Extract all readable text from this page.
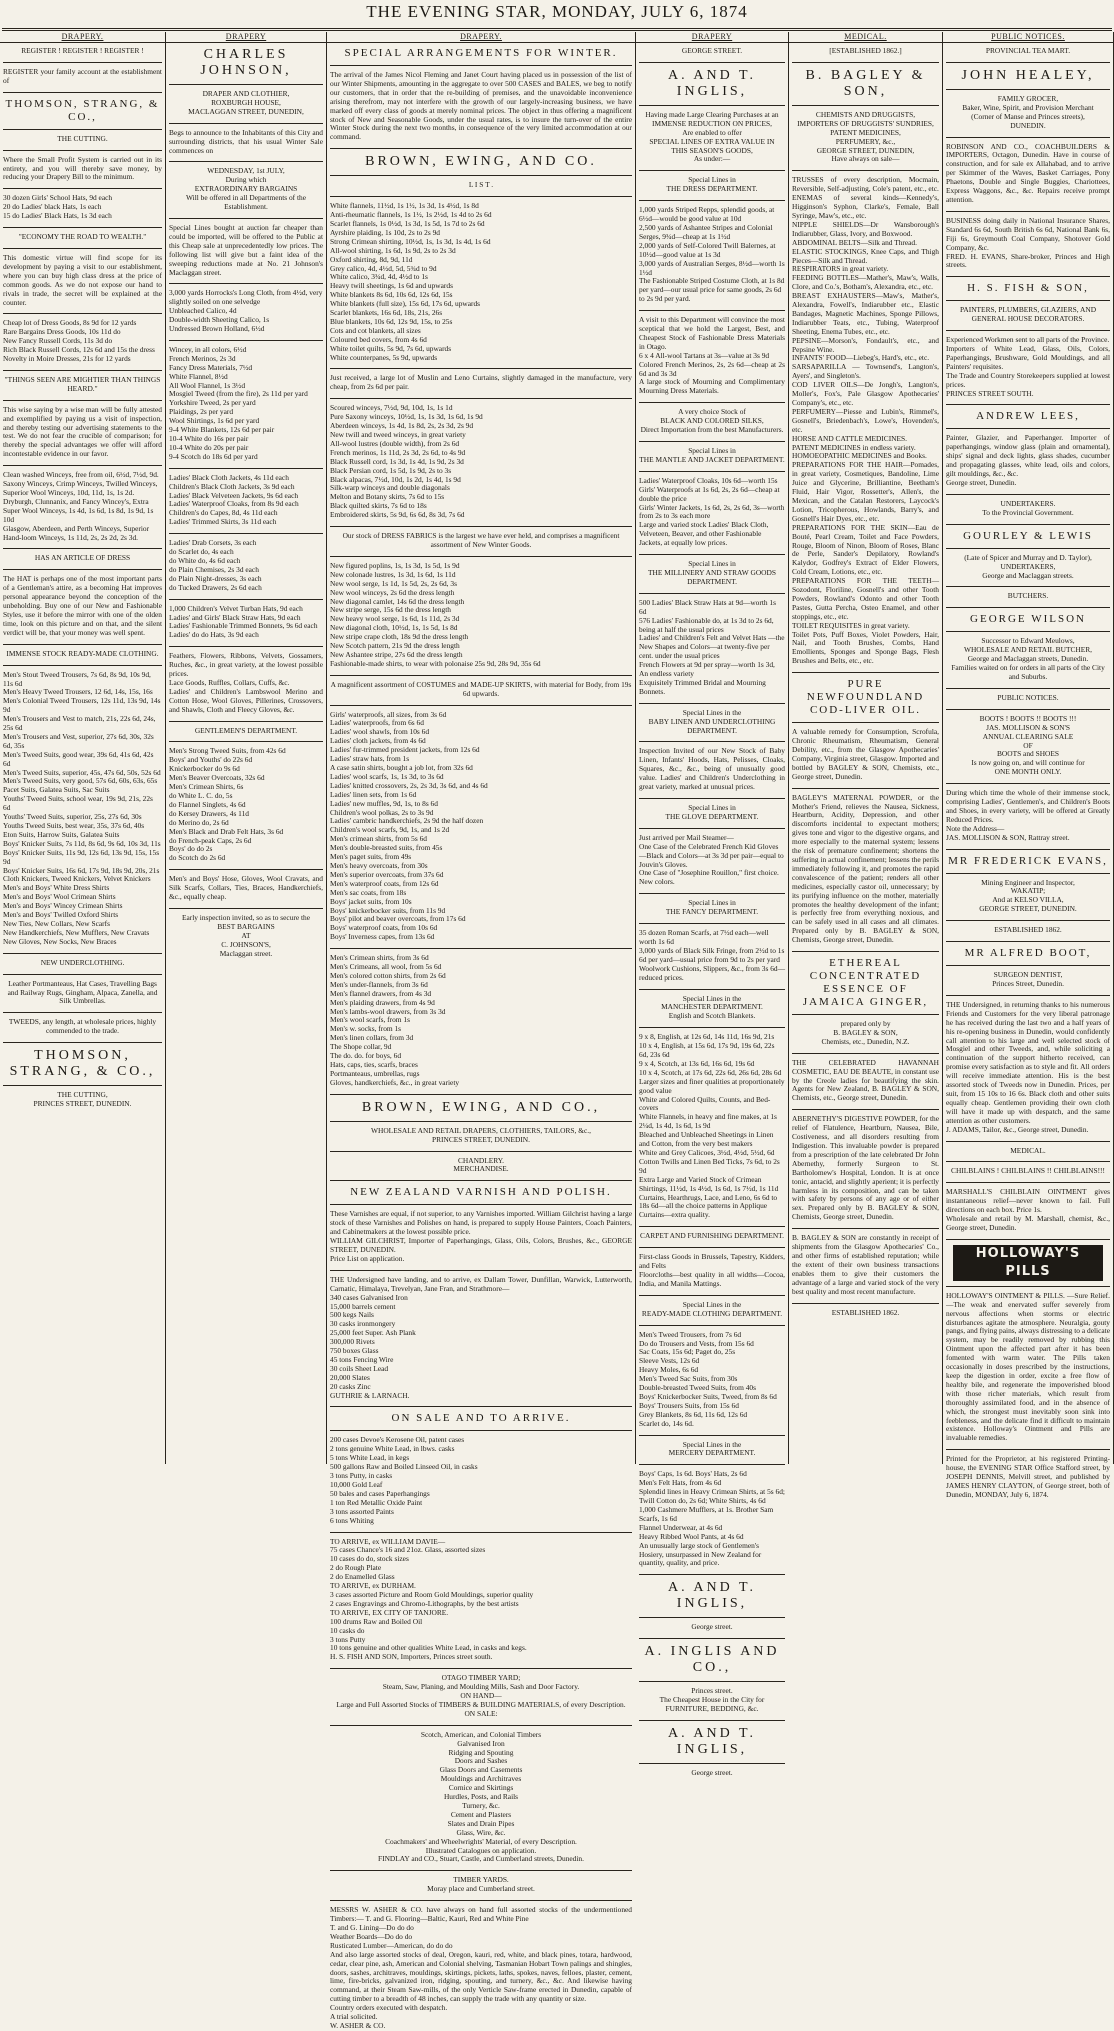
THE EVENING STAR, MONDAY, JULY 6, 1874
DRAPERY.
REGISTER ! REGISTER ! REGISTER !
REGISTER your family account at the establishment of
THOMSON, STRANG, & CO.,
THE CUTTING.
Where the Small Profit System is carried out in its entirety, and you will thereby save money, by reducing your Drapery Bill to the minimum.
30 dozen Girls' School Hats, 9d each
20 do Ladies' black Hats, 1s each
15 do Ladies' Black Hats, 1s 3d each
"ECONOMY THE ROAD TO WEALTH."
This domestic virtue will find scope for its development by paying a visit to our establishment, where you can buy high class dress at the price of common goods. As we do not expose our hand to rivals in trade, the secret will be explained at the counter.
Cheap lot of Dress Goods, 8s 9d for 12 yards
Rare Bargains Dress Goods, 10s 11d do
New Fancy Russell Cords, 11s 3d do
Rich Black Russell Cords, 12s 6d and 15s the dress
Novelty in Moire Dresses, 21s for 12 yards
"THINGS SEEN ARE MIGHTIER THAN THINGS HEARD."
This wise saying by a wise man will be fully attested and exemplified by paying us a visit of inspection, and thereby testing our advertising statements to the test. We do not fear the crucible of comparison; for thereby the special advantages we offer will afford incontestable evidence in our favor.
Clean washed Winceys, free from oil, 6½d, 7½d, 9d.
Saxony Winceys, Crimp Winceys, Twilled Winceys, Superior Wool Winceys, 10d, 11d, 1s, 1s 2d.
Dryburgh, Clunnanix, and Fancy Wincey's, Extra Super Wool Winceys, 1s 4d, 1s 6d, 1s 8d, 1s 9d, 1s 10d
Glasgow, Aberdeen, and Perth Winceys, Superior Hand-loom Winceys, 1s 11d, 2s, 2s 2d, 2s 3d.
HAS AN ARTICLE OF DRESS
The HAT is perhaps one of the most important parts of a Gentleman's attire, as a becoming Hat improves personal appearance beyond the conception of the unbeholding. Buy one of our New and Fashionable Styles, use it before the mirror with one of the olden time, look on this picture and on that, and the silent verdict will be, that your money was well spent.
IMMENSE STOCK READY-MADE CLOTHING.
Men's Stout Tweed Trousers, 7s 6d, 8s 9d, 10s 9d, 11s 6d
Men's Heavy Tweed Trousers, 12 6d, 14s, 15s, 16s
Men's Colonial Tweed Trousers, 12s 11d, 13s 9d, 14s 9d
Men's Trousers and Vest to match, 21s, 22s 6d, 24s, 25s 6d
Men's Trousers and Vest, superior, 27s 6d, 30s, 32s 6d, 35s
Men's Tweed Suits, good wear, 39s 6d, 41s 6d, 42s 6d
Men's Tweed Suits, superior, 45s, 47s 6d, 50s, 52s 6d
Men's Tweed Suits, very good, 57s 6d, 60s, 63s, 65s
Pacet Suits, Galatea Suits, Sac Suits
Youths' Tweed Suits, school wear, 19s 9d, 21s, 22s 6d
Youths' Tweed Suits, superior, 25s, 27s 6d, 30s
Youths Tweed Suits, best wear, 35s, 37s 6d, 40s
Eton Suits, Harrow Suits, Galatea Suits
Boys' Knicker Suits, 7s 11d, 8s 6d, 9s 6d, 10s 3d, 11s
Boys' Knicker Suits, 11s 9d, 12s 6d, 13s 9d, 15s, 15s 9d
Boys' Knicker Suits, 16s 6d, 17s 9d, 18s 9d, 20s, 21s
Cloth Knickers, Tweed Knickers, Velvet Knickers
Men's and Boys' White Dress Shirts
Men's and Boys' Wool Crimean Shirts
Men's and Boys' Wincey Crimean Shirts
Men's and Boys' Twilled Oxford Shirts
New Ties, New Collars, New Scarfs
New Handkerchiefs, New Mufflers, New Cravats
New Gloves, New Socks, New Braces
NEW UNDERCLOTHING.
Leather Portmanteaus, Hat Cases, Travelling Bags and Railway Rugs, Gingham, Alpaca, Zanella, and Silk Umbrellas.
TWEEDS, any length, at wholesale prices, highly commended to the trade.
THOMSON, STRANG, & CO.,
THE CUTTING,
PRINCES STREET, DUNEDIN.
DRAPERY
CHARLES JOHNSON,
DRAPER AND CLOTHIER,
ROXBURGH HOUSE,
MACLAGGAN STREET, DUNEDIN,
Begs to announce to the Inhabitants of this City and surrounding districts, that his usual Winter Sale commences on
WEDNESDAY, 1st JULY,
During which
EXTRAORDINARY BARGAINS
Will be offered in all Departments of the Establishment.
Special Lines bought at auction far cheaper than could be imported, will be offered to the Public at this Cheap sale at unprecedentedly low prices. The following list will give but a faint idea of the sweeping reductions made at No. 21 Johnson's Maclaggan street.
3,000 yards Horrocks's Long Cloth, from 4½d, very slightly soiled on one selvedge
Unbleached Calico, 4d
Double-width Sheeting Calico, 1s
Undressed Brown Holland, 6½d
Wincey, in all colors, 6½d
French Merinos, 2s 3d
Fancy Dress Materials, 7½d
White Flannel, 8½d
All Wool Flannel, 1s 3½d
Mosgiel Tweed (from the fire), 2s 11d per yard
Yorkshire Tweed, 2s per yard
Plaidings, 2s per yard
Wool Shirtings, 1s 6d per yard
9-4 White Blankets, 12s 6d per pair
10-4 White do 16s per pair
10-4 White do 20s per pair
9-4 Scotch do 18s 6d per yard
Ladies' Black Cloth Jackets, 4s 11d each
Children's Black Cloth Jackets, 3s 9d each
Ladies' Black Velveteen Jackets, 9s 6d each
Ladies' Waterproof Cloaks, from 8s 9d each
Children's do Capes, 8d, 4s 11d each
Ladies' Trimmed Skirts, 3s 11d each
Ladies' Drab Corsets, 3s each
do Scarlet do, 4s each
do White do, 4s 6d each
do Plain Chemises, 2s 3d each
do Plain Night-dresses, 3s each
do Tucked Drawers, 2s 6d each
1,000 Children's Velvet Turban Hats, 9d each
Ladies' and Girls' Black Straw Hats, 9d each
Ladies' Fashionable Trimmed Bonnets, 9s 6d each
Ladies' do do Hats, 3s 9d each
Feathers, Flowers, Ribbons, Velvets, Gossamers, Ruches, &c., in great variety, at the lowest possible prices.
Lace Goods, Ruffles, Collars, Cuffs, &c.
Ladies' and Children's Lambswool Merino and Cotton Hose, Wool Gloves, Pillerines, Crossovers, and Shawls, Cloth and Fleecy Gloves, &c.
GENTLEMEN'S DEPARTMENT.
Men's Strong Tweed Suits, from 42s 6d
Boys' and Youths' do 22s 6d
Knickerbocker do 9s 6d
Men's Beaver Overcoats, 32s 6d
Men's Crimean Shirts, 6s
do White L. C. do, 5s
do Flannel Singlets, 4s 6d
do Kersey Drawers, 4s 11d
do Merino do, 2s 6d
Men's Black and Drab Felt Hats, 3s 6d
do French-peak Caps, 2s 6d
Boys' do do 2s
do Scotch do 2s 6d
Men's and Boys' Hose, Gloves, Wool Cravats, and Silk Scarfs, Collars, Ties, Braces, Handkerchiefs, &c., equally cheap.
Early inspection invited, so as to secure the
BEST BARGAINS
AT
C. JOHNSON'S,
Maclaggan street.
DRAPERY.
SPECIAL ARRANGEMENTS FOR WINTER.
The arrival of the James Nicol Fleming and Janet Court having placed us in possession of the list of our Winter Shipments, amounting in the aggregate to over 500 CASES and BALES, we beg to notify our customers, that in order that the re-building of premises, and the unavoidable inconvenience arising therefrom, may not interfere with the growth of our largely-increasing business, we have marked off every class of goods at merely nominal prices. The object in thus offering a magnificent stock of New and Seasonable Goods, under the usual rates, is to insure the turn-over of the entire Winter Stock during the next two months, in consequence of the very limited accommodation at our command.
BROWN, EWING, AND CO.
L I S T .
White flannels, 11½d, 1s 1½, 1s 3d, 1s 4½d, 1s 8d
Anti-rheumatic flannels, 1s 1½, 1s 2½d, 1s 4d to 2s 6d
Scarlet flannels, 1s 0½d, 1s 3d, 1s 5d, 1s 7d to 2s 6d
Ayrshire plaiding, 1s 10d, 2s to 2s 9d
Strong Crimean shirting, 10½d, 1s, 1s 3d, 1s 4d, 1s 6d
All-wool shirting, 1s 6d, 1s 9d, 2s to 2s 3d
Oxford shirting, 8d, 9d, 11d
Grey calico, 4d, 4½d, 5d, 5¾d to 9d
White calico, 3¾d, 4d, 4½d to 1s
Heavy twill sheetings, 1s 6d and upwards
White blankets 8s 6d, 10s 6d, 12s 6d, 15s
White blankets (full size), 15s 6d, 17s 6d, upwards
Scarlet blankets, 16s 6d, 18s, 21s, 26s
Blue blankets, 10s 6d, 12s 9d, 15s, to 25s
Cots and cot blankets, all sizes
Coloured bed covers, from 4s 6d
White toilet quilts, 5s 9d, 7s 6d, upwards
White counterpanes, 5s 9d, upwards
Just received, a large lot of Muslin and Leno Curtains, slightly damaged in the manufacture, very cheap, from 2s 6d per pair.
Scoured winceys, 7½d, 9d, 10d, 1s, 1s 1d
Pure Saxony winceys, 10½d, 1s, 1s 3d, 1s 6d, 1s 9d
Aberdeen winceys, 1s 4d, 1s 8d, 2s, 2s 3d, 2s 9d
New twill and tweed winceys, in great variety
All-wool lustres (double width), from 2s 6d
French merinos, 1s 11d, 2s 3d, 2s 6d, to 4s 9d
Black Russell cord, 1s 3d, 1s 4d, 1s 9d, 2s 3d
Black Persian cord, 1s 5d, 1s 9d, 2s to 3s
Black alpacas, 7½d, 10d, 1s 2d, 1s 4d, 1s 9d
Silk-warp winceys and double diagonals
Melton and Botany skirts, 7s 6d to 15s
Black quilted skirts, 7s 6d to 18s
Embroidered skirts, 5s 9d, 6s 6d, 8s 3d, 7s 6d
Our stock of DRESS FABRICS is the largest we have ever held, and comprises a magnificent assortment of New Winter Goods.
New figured poplins, 1s, 1s 3d, 1s 5d, 1s 9d
New colonade lustres, 1s 3d, 1s 6d, 1s 11d
New wool serge, 1s 1d, 1s 5d, 2s, 2s 6d, 3s
New wool winceys, 2s 6d the dress length
New diagonal camlet, 14s 6d the dress length
New stripe serge, 15s 6d the dress length
New heavy wool serge, 1s 6d, 1s 11d, 2s 3d
New diagonal cloth, 10½d, 1s, 1s 5d, 1s 8d
New stripe crape cloth, 18s 9d the dress length
New Scotch pattern, 21s 9d the dress length
New Ashantee stripe, 27s 6d the dress length
Fashionable-made shirts, to wear with polonaise 25s 9d, 28s 9d, 35s 6d
A magnificent assortment of COSTUMES and MADE-UP SKIRTS, with material for Body, from 19s 6d upwards.
Girls' waterproofs, all sizes, from 3s 6d
Ladies' waterproofs, from 6s 6d
Ladies' wool shawls, from 10s 6d
Ladies' cloth jackets, from 4s 6d
Ladies' fur-trimmed president jackets, from 12s 6d
Ladies' straw hats, from 1s
A case satin shirts, bought a job lot, from 32s 6d
Ladies' wool scarfs, 1s, 1s 3d, to 3s 6d
Ladies' knitted crossovers, 2s, 2s 3d, 3s 6d, and 4s 6d
Ladies' linen sets, from 1s 6d
Ladies' new muffles, 9d, 1s, to 8s 6d
Children's wool polkas, 2s to 3s 9d
Ladies' cambric handkerchiefs, 2s 9d the half dozen
Children's wool scarfs, 9d, 1s, and 1s 2d
Men's crimean shirts, from 5s 6d
Men's double-breasted suits, from 45s
Men's paget suits, from 49s
Men's heavy overcoats, from 30s
Men's superior overcoats, from 37s 6d
Men's waterproof coats, from 12s 6d
Men's sac coats, from 18s
Boys' jacket suits, from 10s
Boys' knickerbocker suits, from 11s 9d
Boys' pilot and beaver overcoats, from 17s 6d
Boys' waterproof coats, from 10s 6d
Boys' Inverness capes, from 13s 6d
Men's Crimean shirts, from 3s 6d
Men's Crimeans, all wool, from 5s 6d
Men's colored cotton shirts, from 2s 6d
Men's under-flannels, from 3s 6d
Men's flannel drawers, from 4s 3d
Men's plaiding drawers, from 4s 9d
Men's lambs-wool drawers, from 3s 3d
Men's wool scarfs, from 1s
Men's w. socks, from 1s
Men's linen collars, from 3d
The Shope collar, 9d
The do. do. for boys, 6d
Hats, caps, ties, scarfs, braces
Portmanteaus, umbrellas, rugs
Gloves, handkerchiefs, &c., in great variety
BROWN, EWING, AND CO.,
WHOLESALE AND RETAIL DRAPERS, CLOTHIERS, TAILORS, &c.,
PRINCES STREET, DUNEDIN.
CHANDLERY.
MERCHANDISE.
NEW ZEALAND VARNISH AND POLISH.
These Varnishes are equal, if not superior, to any Varnishes imported. William Gilchrist having a large stock of these Varnishes and Polishes on hand, is prepared to supply House Painters, Coach Painters, and Cabinetmakers at the lowest possible price.
WILLIAM GILCHRIST, Importer of Paperhangings, Glass, Oils, Colors, Brushes, &c., GEORGE STREET, DUNEDIN.
Price List on application.
THE Undersigned have landing, and to arrive, ex Dallam Tower, Dunfillan, Warwick, Lutterworth, Carnatic, Himalaya, Trevelyan, Jane Fran, and Strathmore—
340 cases Galvanised Iron
15,000 barrels cement
500 kegs Nails
30 casks ironmongery
25,000 feet Super. Ash Plank
300,000 Rivets
750 boxes Glass
45 tons Fencing Wire
30 coils Sheet Lead
20,000 Slates
20 casks Zinc
GUTHRIE & LARNACH.
ON SALE AND TO ARRIVE.
200 cases Devoe's Kerosene Oil, patent cases
2 tons genuine White Lead, in lbws. casks
5 tons White Lead, in kegs
500 gallons Raw and Boiled Linseed Oil, in casks
3 tons Putty, in casks
10,000 Gold Leaf
50 bales and cases Paperhangings
1 ton Red Metallic Oxide Paint
3 tons assorted Paints
6 tons Whiting
TO ARRIVE, ex WILLIAM DAVIE—
75 cases Chance's 16 and 21oz. Glass, assorted sizes
10 cases do do, stock sizes
2 do Rough Plate
2 do Enamelled Glass
TO ARRIVE, ex DURHAM.
3 cases assorted Picture and Room Gold Mouldings, superior quality
2 cases Engravings and Chromo-Lithographs, by the best artists
TO ARRIVE, EX CITY OF TANJORE.
100 drums Raw and Boiled Oil
10 casks do
3 tons Putty
10 tons genuine and other qualities White Lead, in casks and kegs.
H. S. FISH AND SON, Importers, Princes street south.
OTAGO TIMBER YARD;
Steam, Saw, Planing, and Moulding Mills, Sash and Door Factory.
ON HAND—
Large and Full Assorted Stocks of TIMBERS & BUILDING MATERIALS, of every Description.
ON SALE:
Scotch, American, and Colonial Timbers
Galvanised Iron
Ridging and Spouting
Doors and Sashes
Glass Doors and Casements
Mouldings and Architraves
Cornice and Skirtings
Hurdles, Posts, and Rails
Turnery, &c.
Cement and Plasters
Slates and Drain Pipes
Glass, Wire, &c.
Coachmakers' and Wheelwrights' Material, of every Description.
Illustrated Catalogues on application.
FINDLAY and CO., Stuart, Castle, and Cumberland streets, Dunedin.
TIMBER YARDS.
Moray place and Cumberland street.
MESSRS W. ASHER & CO. have always on hand full assorted stocks of the undermentioned Timbers:— T. and G. Flooring—Baltic, Kauri, Red and White Pine
T. and G. Lining—Do do do
Weather Boards—Do do do
Rusticated Lumber—American, do do do
And also large assorted stocks of deal, Oregon, kauri, red, white, and black pines, totara, hardwood, cedar, clear pine, ash, American and Colonial shelving, Tasmanian Hobart Town palings and shingles, doors, sashes, architraves, mouldings, skirtings, pickets, laths, spokes, naves, felloes, plaster, cement, lime, fire-bricks, galvanized iron, ridging, spouting, and turnery, &c., &c. And likewise having command, at their Steam Saw-mills, of the only Verticle Saw-frame erected in Dunedin, capable of cutting timber to a breadth of 48 inches, can supply the trade with any quantity or size.
Country orders executed with despatch.
A trial solicited.
W. ASHER & CO.
DRAPERY
GEORGE STREET.
A. AND T. INGLIS,
Having made Large Clearing Purchases at an
IMMENSE REDUCTION ON PRICES,
Are enabled to offer
SPECIAL LINES OF EXTRA VALUE IN
THIS SEASON'S GOODS,
As under:—
Special Lines in
THE DRESS DEPARTMENT.
1,000 yards Striped Repps, splendid goods, at 6½d—would be good value at 10d
2,500 yards of Ashantee Stripes and Colonial Serges, 9¾d—cheap at 1s 1½d
2,000 yards of Self-Colored Twill Balernes, at 10½d—good value at 1s 3d
3,000 yards of Australian Serges, 8½d—worth 1s 1½d
The Fashionable Striped Costume Cloth, at 1s 8d per yard—our usual price for same goods, 2s 6d to 2s 9d per yard.
A visit to this Department will convince the most sceptical that we hold the Largest, Best, and Cheapest Stock of Fashionable Dress Materials in Otago.
6 x 4 All-wool Tartans at 3s—value at 3s 9d
Colored French Merinos, 2s, 2s 6d—cheap at 2s 6d and 3s 3d
A large stock of Mourning and Complimentary Mourning Dress Materials.
A very choice Stock of
BLACK AND COLORED SILKS,
Direct Importation from the best Manufacturers.
Special Lines in
THE MANTLE AND JACKET DEPARTMENT.
Ladies' Waterproof Cloaks, 10s 6d—worth 15s
Girls' Waterproofs at 1s 6d, 2s, 2s 6d—cheap at double the price
Girls' Winter Jackets, 1s 6d, 2s, 2s 6d, 3s—worth from 2s to 3s each more
Large and varied stock Ladies' Black Cloth, Velveteen, Beaver, and other Fashionable Jackets, at equally low prices.
Special Lines in
THE MILLINERY AND STRAW GOODS DEPARTMENT.
500 Ladies' Black Straw Hats at 9d—worth 1s 6d
576 Ladies' Fashionable do, at 1s 3d to 2s 6d, being at half the usual prices
Ladies' and Children's Felt and Velvet Hats —the New Shapes and Colors—at twenty-five per cent. under the usual prices
French Flowers at 9d per spray—worth 1s 3d, An endless variety
Exquisitely Trimmed Bridal and Mourning Bonnets.
Special Lines in the
BABY LINEN AND UNDERCLOTHING DEPARTMENT.
Inspection Invited of our New Stock of Baby Linen, Infants' Hoods, Hats, Pelisses, Cloaks, Squares, &c., &c., being of unusually good value. Ladies' and Children's Underclothing in great variety, marked at unusual prices.
Special Lines in
THE GLOVE DEPARTMENT.
Just arrived per Mail Steamer—
One Case of the Celebrated French Kid Gloves—Black and Colors—at 3s 3d per pair—equal to Jouvin's Gloves.
One Case of "Josephine Rouillon," first choice. New colors.
Special Lines in
THE FANCY DEPARTMENT.
35 dozen Roman Scarfs, at 7½d each—well worth 1s 6d
3,000 yards of Black Silk Fringe, from 2½d to 1s 6d per yard—usual price from 9d to 2s per yard
Woolwork Cushions, Slippers, &c., from 3s 6d—reduced prices.
Special Lines in the
MANCHESTER DEPARTMENT.
English and Scotch Blankets.
9 x 8, English, at 12s 6d, 14s 11d, 16s 9d, 21s
10 x 4, English, at 15s 6d, 17s 9d, 19s 6d, 22s 6d, 23s 6d
9 x 4, Scotch, at 13s 6d, 16s 6d, 19s 6d
10 x 4, Scotch, at 17s 6d, 22s 6d, 26s 6d, 28s 6d
Larger sizes and finer qualities at proportionately good value
White and Colored Quilts, Counts, and Bed-covers
White Flannels, in heavy and fine makes, at 1s 2¼d, 1s 4d, 1s 6d, 1s 9d
Bleached and Unbleached Sheetings in Linen and Cotton, from the very best makers
White and Grey Calicoes, 3½d, 4½d, 5½d, 6d
Cotton Twills and Linen Bed Ticks, 7s 6d, to 2s 9d
Extra Large and Varied Stock of Crimean Shirtings, 11½d, 1s 4½d, 1s 6d, 1s 7½d, 1s 11d
Curtains, Hearthrugs, Lace, and Leno, 6s 6d to 18s 6d—all the choice patterns in Applique Curtains—extra quality.
CARPET AND FURNISHING DEPARTMENT.
First-class Goods in Brussels, Tapestry, Kidders, and Felts
Floorcloths—best quality in all widths—Cocoa, India, and Manila Mattings.
Special Lines in the
READY-MADE CLOTHING DEPARTMENT.
Men's Tweed Trousers, from 7s 6d
Do do Trousers and Vests, from 15s 6d
Sac Coats, 15s 6d; Paget do, 25s
Sleeve Vests, 12s 6d
Heavy Moles, 6s 6d
Men's Tweed Sac Suits, from 30s
Double-breasted Tweed Suits, from 40s
Boys' Knickerbocker Suits, Tweed, from 8s 6d
Boys' Trousers Suits, from 15s 6d
Grey Blankets, 8s 6d, 11s 6d, 12s 6d
Scarlet do, 14s 6d.
Special Lines in the
MERCERY DEPARTMENT.
Boys' Caps, 1s 6d. Boys' Hats, 2s 6d
Men's Felt Hats, from 4s 6d
Splendid lines in Heavy Crimean Shirts, at 5s 6d; Twill Cotton do, 2s 6d; White Shirts, 4s 6d
1,000 Cashmere Mufflers, at 1s. Brother Sam Scarfs, 1s 6d
Flannel Underwear, at 4s 6d
Heavy Ribbed Wool Pants, at 4s 6d
An unusually large stock of Gentlemen's Hosiery, unsurpassed in New Zealand for quantity, quality, and price.
A. AND T. INGLIS,
George street.
A. INGLIS AND CO.,
Princes street.
The Cheapest House in the City for
FURNITURE, BEDDING, &c.
A. AND T. INGLIS,
George street.
MEDICAL.
[ESTABLISHED 1862.]
B. BAGLEY & SON,
CHEMISTS AND DRUGGISTS,
IMPORTERS OF DRUGGISTS' SUNDRIES, PATENT MEDICINES,
PERFUMERY, &c.,
GEORGE STREET, DUNEDIN,
Have always on sale—
TRUSSES of every description, Mocmain, Reversible, Self-adjusting, Cole's patent, etc., etc.
ENEMAS of several kinds—Kennedy's, Higginson's Syphon, Clarke's, Female, Ball Syringe, Maw's, etc., etc.
NIPPLE SHIELDS—Dr Wansborough's Indiarubber, Glass, Ivory, and Boxwood.
ABDOMINAL BELTS—Silk and Thread.
ELASTIC STOCKINGS, Knee Caps, and Thigh Pieces—Silk and Thread.
RESPIRATORS in great variety.
FEEDING BOTTLES—Mather's, Maw's, Walls, Clore, and Co.'s, Botham's, Alexandra, etc., etc.
BREAST EXHAUSTERS—Maw's, Mather's, Alexandra, Fowell's, Indiarubber etc., Elastic Bandages, Magnetic Machines, Sponge Pillows, Indiarubber Teats, etc., Tubing, Waterproof Sheeting, Enema Tubes, etc., etc.
PEPSINE—Morson's, Fondault's, etc., and Pepsine Wine.
INFANTS' FOOD—Liebeg's, Hard's, etc., etc.
SARSAPARILLA — Townsend's, Langton's, Ayers', and Singleton's.
COD LIVER OILS—De Jongh's, Langton's, Moller's, Fox's, Pale Glasgow Apothecaries' Company's, etc., etc.
PERFUMERY—Piesse and Lubin's, Rimmel's, Gosnell's, Briedenbach's, Lowe's, Hovenden's, etc.
HORSE AND CATTLE MEDICINES.
PATENT MEDICINES in endless variety.
HOMOEOPATHIC MEDICINES and Books.
PREPARATIONS FOR THE HAIR—Pomades, in great variety, Cosmetiques, Bandoline, Lime Juice and Glycerine, Brilliantine, Beetham's Fluid, Hair Vigor, Rossetter's, Allen's, the Mexican, and the Catalan Restorers, Laycock's Lotion, Tricopherous, Howlands, Barry's, and Gosnell's Hair Dyes, etc., etc.
PREPARATIONS FOR THE SKIN—Eau de Bouté, Pearl Cream, Toilet and Face Powders, Rouge, Bloom of Ninon, Bloom of Roses, Blanc de Perle, Sander's Depilatory, Rowland's Kalydor, Godfrey's Extract of Elder Flowers, Cold Cream, Lotions, etc., etc.
PREPARATIONS FOR THE TEETH—Sozodont, Floriline, Gosnell's and other Tooth Powders, Rowland's Odonto and other Tooth Pastes, Gutta Percha, Osteo Enamel, and other stoppings, etc., etc.
TOILET REQUISITES in great variety.
Toilet Pots, Puff Boxes, Violet Powders, Hair, Nail, and Tooth Brushes, Combs, Hand Emollients, Sponges and Sponge Bags, Flesh Brushes and Belts, etc., etc.
PURE NEWFOUNDLAND COD-LIVER OIL.
A valuable remedy for Consumption, Scrofula, Chronic Rheumatism, Rheumatism, General Debility, etc., from the Glasgow Apothecaries' Company, Virginia street, Glasgow. Imported and bottled by BAGLEY & SON, Chemists, etc., George street, Dunedin.
BAGLEY'S MATERNAL POWDER, or the Mother's Friend, relieves the Nausea, Sickness, Heartburn, Acidity, Depression, and other discomforts incidental to expectant mothers; gives tone and vigor to the digestive organs, and more especially to the maternal system; lessens the risk of premature confinement; shortens the suffering in actual confinement; lessens the perils immediately following it, and promotes the rapid convalescence of the patient; renders all other medicines, especially castor oil, unnecessary; by its purifying influence on the mother, materially promotes the healthy development of the infant; is perfectly free from everything noxious, and can be safely used in all cases and all climates. Prepared only by B. BAGLEY & SON, Chemists, George street, Dunedin.
ETHEREAL CONCENTRATED ESSENCE OF JAMAICA GINGER,
prepared only by
B. BAGLEY & SON,
Chemists, etc., Dunedin, N.Z.
THE CELEBRATED HAVANNAH COSMETIC, EAU DE BEAUTE, in constant use by the Creole ladies for beautifying the skin. Agents for New Zealand, B. BAGLEY & SON, Chemists, etc., George street, Dunedin.
ABERNETHY'S DIGESTIVE POWDER, for the relief of Flatulence, Heartburn, Nausea, Bile, Costiveness, and all disorders resulting from Indigestion. This invaluable powder is prepared from a prescription of the late celebrated Dr John Abernethy, formerly Surgeon to St. Bartholomew's Hospital, London. It is at once tonic, antacid, and slightly aperient; it is perfectly harmless in its composition, and can be taken with safety by persons of any age or of either sex. Prepared only by B. BAGLEY & SON, Chemists, George street, Dunedin.
B. BAGLEY & SON are constantly in receipt of shipments from the Glasgow Apothecaries' Co., and other firms of established reputation; while the extent of their own business transactions enables them to give their customers the advantage of a large and varied stock of the very best quality and most recent manufacture.
ESTABLISHED 1862.
PUBLIC NOTICES.
PROVINCIAL TEA MART.
JOHN HEALEY,
FAMILY GROCER,
Baker, Wine, Spirit, and Provision Merchant
(Corner of Manse and Princes streets),
DUNEDIN.
ROBINSON AND CO., COACHBUILDERS & IMPORTERS, Octagon, Dunedin. Have in course of construction, and for sale ex Allahabad, and to arrive per Skimmer of the Waves, Basket Carriages, Pony Phaetons, Double and Single Buggies, Chariottees, Express Waggons, &c., &c. Repairs receive prompt attention.
BUSINESS doing daily in National Insurance Shares, Standard 6s 6d, South British 6s 6d, National Bank 6s, Fiji 6s, Greymouth Coal Company, Shotover Gold Company, &c.
FRED. H. EVANS, Share-broker, Princes and High streets.
H. S. FISH & SON,
PAINTERS, PLUMBERS, GLAZIERS, AND
GENERAL HOUSE DECORATORS.
Experienced Workmen sent to all parts of the Province.
Importers of White Lead, Glass, Oils, Colors, Paperhangings, Brushware, Gold Mouldings, and all Painters' requisites.
The Trade and Country Storekeepers supplied at lowest prices.
PRINCES STREET SOUTH.
ANDREW LEES,
Painter, Glazier, and Paperhanger. Importer of paperhangings, window glass (plain and ornamental), ships' signal and deck lights, glass shades, cucumber and propagating glasses, white lead, oils and colors, gilt mouldings, &c., &c.
George street, Dunedin.
UNDERTAKERS.
To the Provincial Government.
GOURLEY & LEWIS
(Late of Spicer and Murray and D. Taylor),
UNDERTAKERS,
George and Maclaggan streets.
BUTCHERS.
GEORGE WILSON
Successor to Edward Meulows,
WHOLESALE AND RETAIL BUTCHER,
George and Maclaggan streets, Dunedin.
Families waited on for orders in all parts of the City and Suburbs.
PUBLIC NOTICES.
BOOTS ! BOOTS !! BOOTS !!!
JAS. MOLLISON & SON'S
ANNUAL CLEARING SALE
OF
BOOTS and SHOES
Is now going on, and will continue for
ONE MONTH ONLY.
During which time the whole of their immense stock, comprising Ladies', Gentlemen's, and Children's Boots and Shoes, in every variety, will be offered at Greatly Reduced Prices.
Note the Address—
JAS. MOLLISON & SON, Rattray street.
MR FREDERICK EVANS,
Mining Engineer and Inspector,
WAKATIP;
And at KELSO VILLA,
GEORGE STREET, DUNEDIN.
ESTABLISHED 1862.
MR ALFRED BOOT,
SURGEON DENTIST,
Princes Street, Dunedin.
THE Undersigned, in returning thanks to his numerous Friends and Customers for the very liberal patronage he has received during the last two and a half years of his re-opening business in Dunedin, would confidently call attention to his large and well selected stock of Mosgiel and other Tweeds, and, while soliciting a continuation of the support hitherto received, can promise every satisfaction as to style and fit. All orders will receive immediate attention. His is the best assorted stock of Tweeds now in Dunedin. Prices, per suit, from 15 10s to 16 6s. Black cloth and other suits equally cheap. Gentlemen providing their own cloth will have it made up with despatch, and the same attention as other customers.
J. ADAMS, Tailor, &c., George street, Dunedin.
MEDICAL.
CHILBLAINS ! CHILBLAINS !! CHILBLAINS!!!
MARSHALL'S CHILBLAIN OINTMENT gives instantaneous relief—never known to fail. Full directions on each box. Price 1s.
Wholesale and retail by M. Marshall, chemist, &c., George street, Dunedin.
HOLLOWAY'S PILLS
HOLLOWAY'S OINTMENT & PILLS. —Sure Relief.—The weak and enervated suffer severely from nervous affections when storms or electric disturbances agitate the atmosphere. Neuralgia, gouty pangs, and flying pains, always distressing to a delicate system, may be readily removed by rubbing this Ointment upon the affected part after it has been fomented with warm water. The Pills taken occasionally in doses prescribed by the instructions, keep the digestion in order, excite a free flow of healthy bile, and regenerate the impoverished blood with those richer materials, which result from thoroughly assimilated food, and in the absence of which, the strongest must inevitably soon sink into feebleness, and the delicate find it difficult to maintain existence. Holloway's Ointment and Pills are invaluable remedies.
Printed for the Proprietor, at his registered Printing-house, the EVENING STAR Office Stafford street, by JOSEPH DENNIS, Melvill street, and published by JAMES HENRY CLAYTON, of George street, both of Dunedin, MONDAY, July 6, 1874.
